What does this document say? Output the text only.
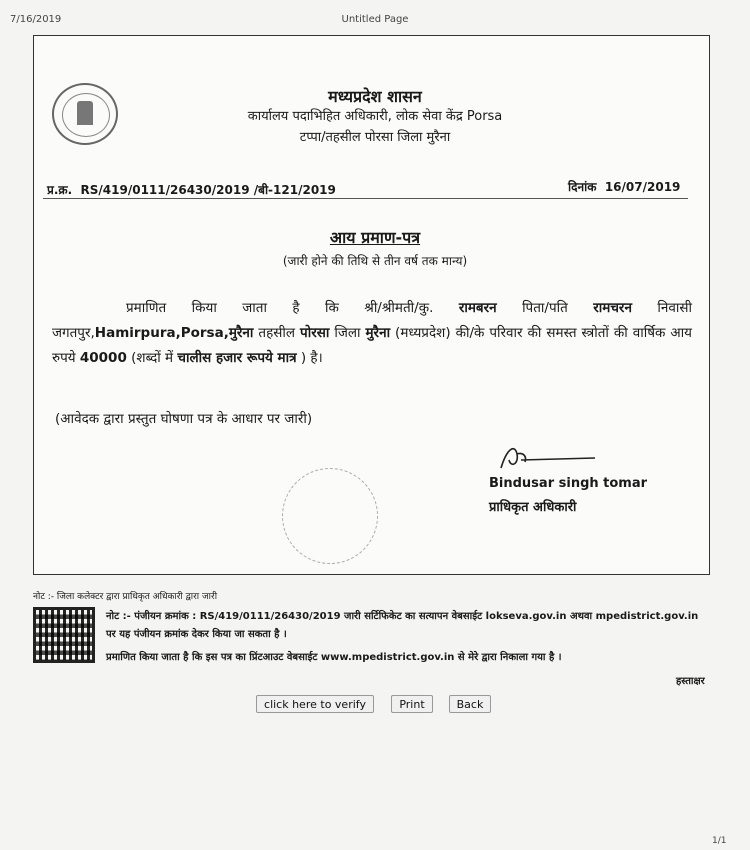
7/16/2019	Untitled Page
मध्यप्रदेश शासन
कार्यालय पदाभिहित अधिकारी, लोक सेवा केंद्र Porsa
टप्पा/तहसील पोरसा जिला मुरैना
प्र.क्र. RS/419/0111/26430/2019 /बी-121/2019	दिनांक 16/07/2019
आय प्रमाण-पत्र
(जारी होने की तिथि से तीन वर्ष तक मान्य)
प्रमाणित किया जाता है कि श्री/श्रीमती/कु. रामबरन पिता/पति रामचरन निवासी जगतपुर,Hamirpura,Porsa,मुरैना तहसील पोरसा जिला मुरैना (मध्यप्रदेश) की/के परिवार की समस्त स्त्रोतों की वार्षिक आय रुपये 40000 (शब्दों में चालीस हजार रूपये मात्र ) है।
(आवेदक द्वारा प्रस्तुत घोषणा पत्र के आधार पर जारी)
Bindusar singh tomar
प्राधिकृत अधिकारी
नोट :- जिला कलेक्टर द्वारा प्राधिकृत अधिकारी द्वारा जारी
नोट :- पंजीयन क्रमांक : RS/419/0111/26430/2019 जारी सर्टिफिकेट का सत्यापन वेबसाईट lokseva.gov.in अथवा mpedistrict.gov.in
पर यह पंजीयन क्रमांक देकर किया जा सकता है ।
प्रमाणित किया जाता है कि इस पत्र का प्रिंटआउट वेबसाईट www.mpedistrict.gov.in से मेरे द्वारा निकाला गया है ।
हस्ताक्षर
click here to verify	Print	Back
1/1
